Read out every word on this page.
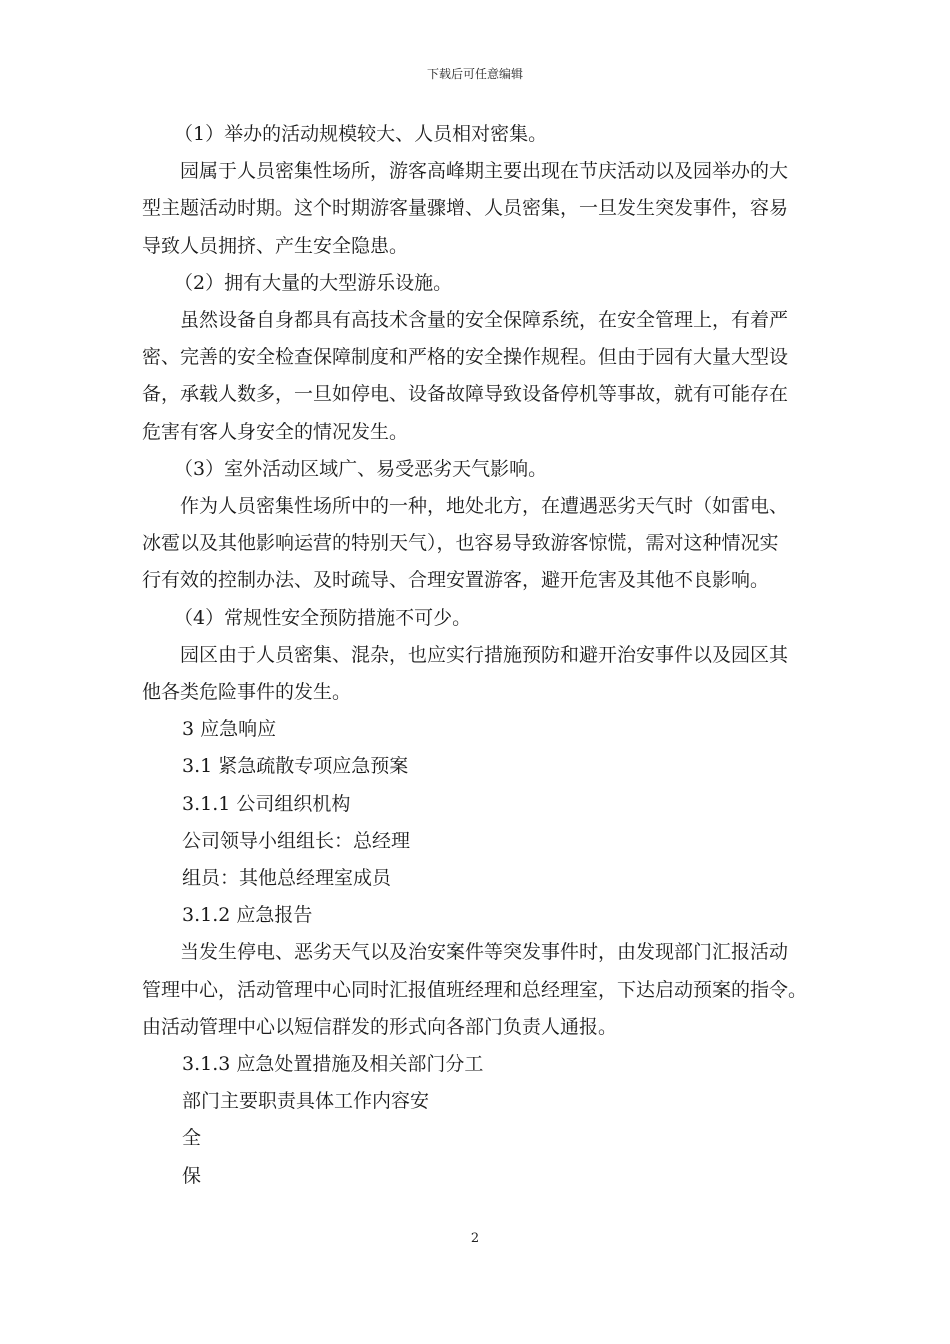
下载后可任意编辑

（1）举办的活动规模较大、人员相对密集。

园属于人员密集性场所，游客高峰期主要出现在节庆活动以及园举办的大

型主题活动时期。这个时期游客量骤增、人员密集，一旦发生突发事件，容易

导致人员拥挤、产生安全隐患。

（2）拥有大量的大型游乐设施。

虽然设备自身都具有高技术含量的安全保障系统，在安全管理上，有着严

密、完善的安全检查保障制度和严格的安全操作规程。但由于园有大量大型设

备，承载人数多，一旦如停电、设备故障导致设备停机等事故，就有可能存在

危害有客人身安全的情况发生。

（3）室外活动区域广、易受恶劣天气影响。

作为人员密集性场所中的一种，地处北方，在遭遇恶劣天气时（如雷电、

冰雹以及其他影响运营的特别天气），也容易导致游客惊慌，需对这种情况实

行有效的控制办法、及时疏导、合理安置游客，避开危害及其他不良影响。

（4）常规性安全预防措施不可少。

园区由于人员密集、混杂，也应实行措施预防和避开治安事件以及园区其

他各类危险事件的发生。

3 应急响应

3.1 紧急疏散专项应急预案

3.1.1 公司组织机构

公司领导小组组长：总经理

组员：其他总经理室成员

3.1.2 应急报告

当发生停电、恶劣天气以及治安案件等突发事件时，由发现部门汇报活动

管理中心，活动管理中心同时汇报值班经理和总经理室，下达启动预案的指令。

由活动管理中心以短信群发的形式向各部门负责人通报。

3.1.3 应急处置措施及相关部门分工

部门主要职责具体工作内容安

全

保

2
